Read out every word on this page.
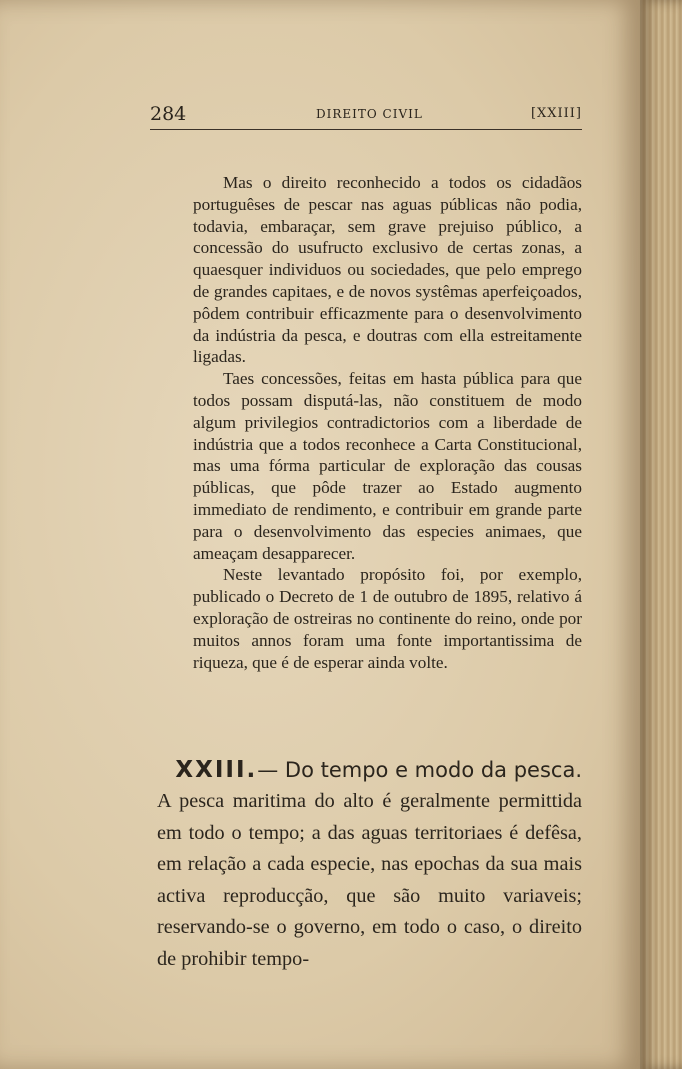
284	DIREITO CIVIL	[XXIII]

Mas o direito reconhecido a todos os cidadãos portuguêses de pescar nas aguas públicas não podia, todavia, embaraçar, sem grave prejuiso público, a concessão do usufructo exclusivo de certas zonas, a quaesquer individuos ou sociedades, que pelo emprego de grandes capitaes, e de novos systêmas aperfeiçoados, pôdem contribuir efficazmente para o desenvolvimento da indústria da pesca, e doutras com ella estreitamente ligadas.

Taes concessões, feitas em hasta pública para que todos possam disputá-las, não constituem de modo algum privilegios contradictorios com a liberdade de indústria que a todos reconhece a Carta Constitucional, mas uma fórma particular de exploração das cousas públicas, que pôde trazer ao Estado augmento immediato de rendimento, e contribuir em grande parte para o desenvolvimento das especies animaes, que ameaçam desapparecer.

Neste levantado propósito foi, por exemplo, publicado o Decreto de 1 de outubro de 1895, relativo á exploração de ostreiras no continente do reino, onde por muitos annos foram uma fonte importantissima de riqueza, que é de esperar ainda volte.

XXIII.— Do tempo e modo da pesca.

A pesca maritima do alto é geralmente permittida em todo o tempo; a das aguas territoriaes é defêsa, em relação a cada especie, nas epochas da sua mais activa reproducção, que são muito variaveis; reservando-se o governo, em todo o caso, o direito de prohibir tempo-
